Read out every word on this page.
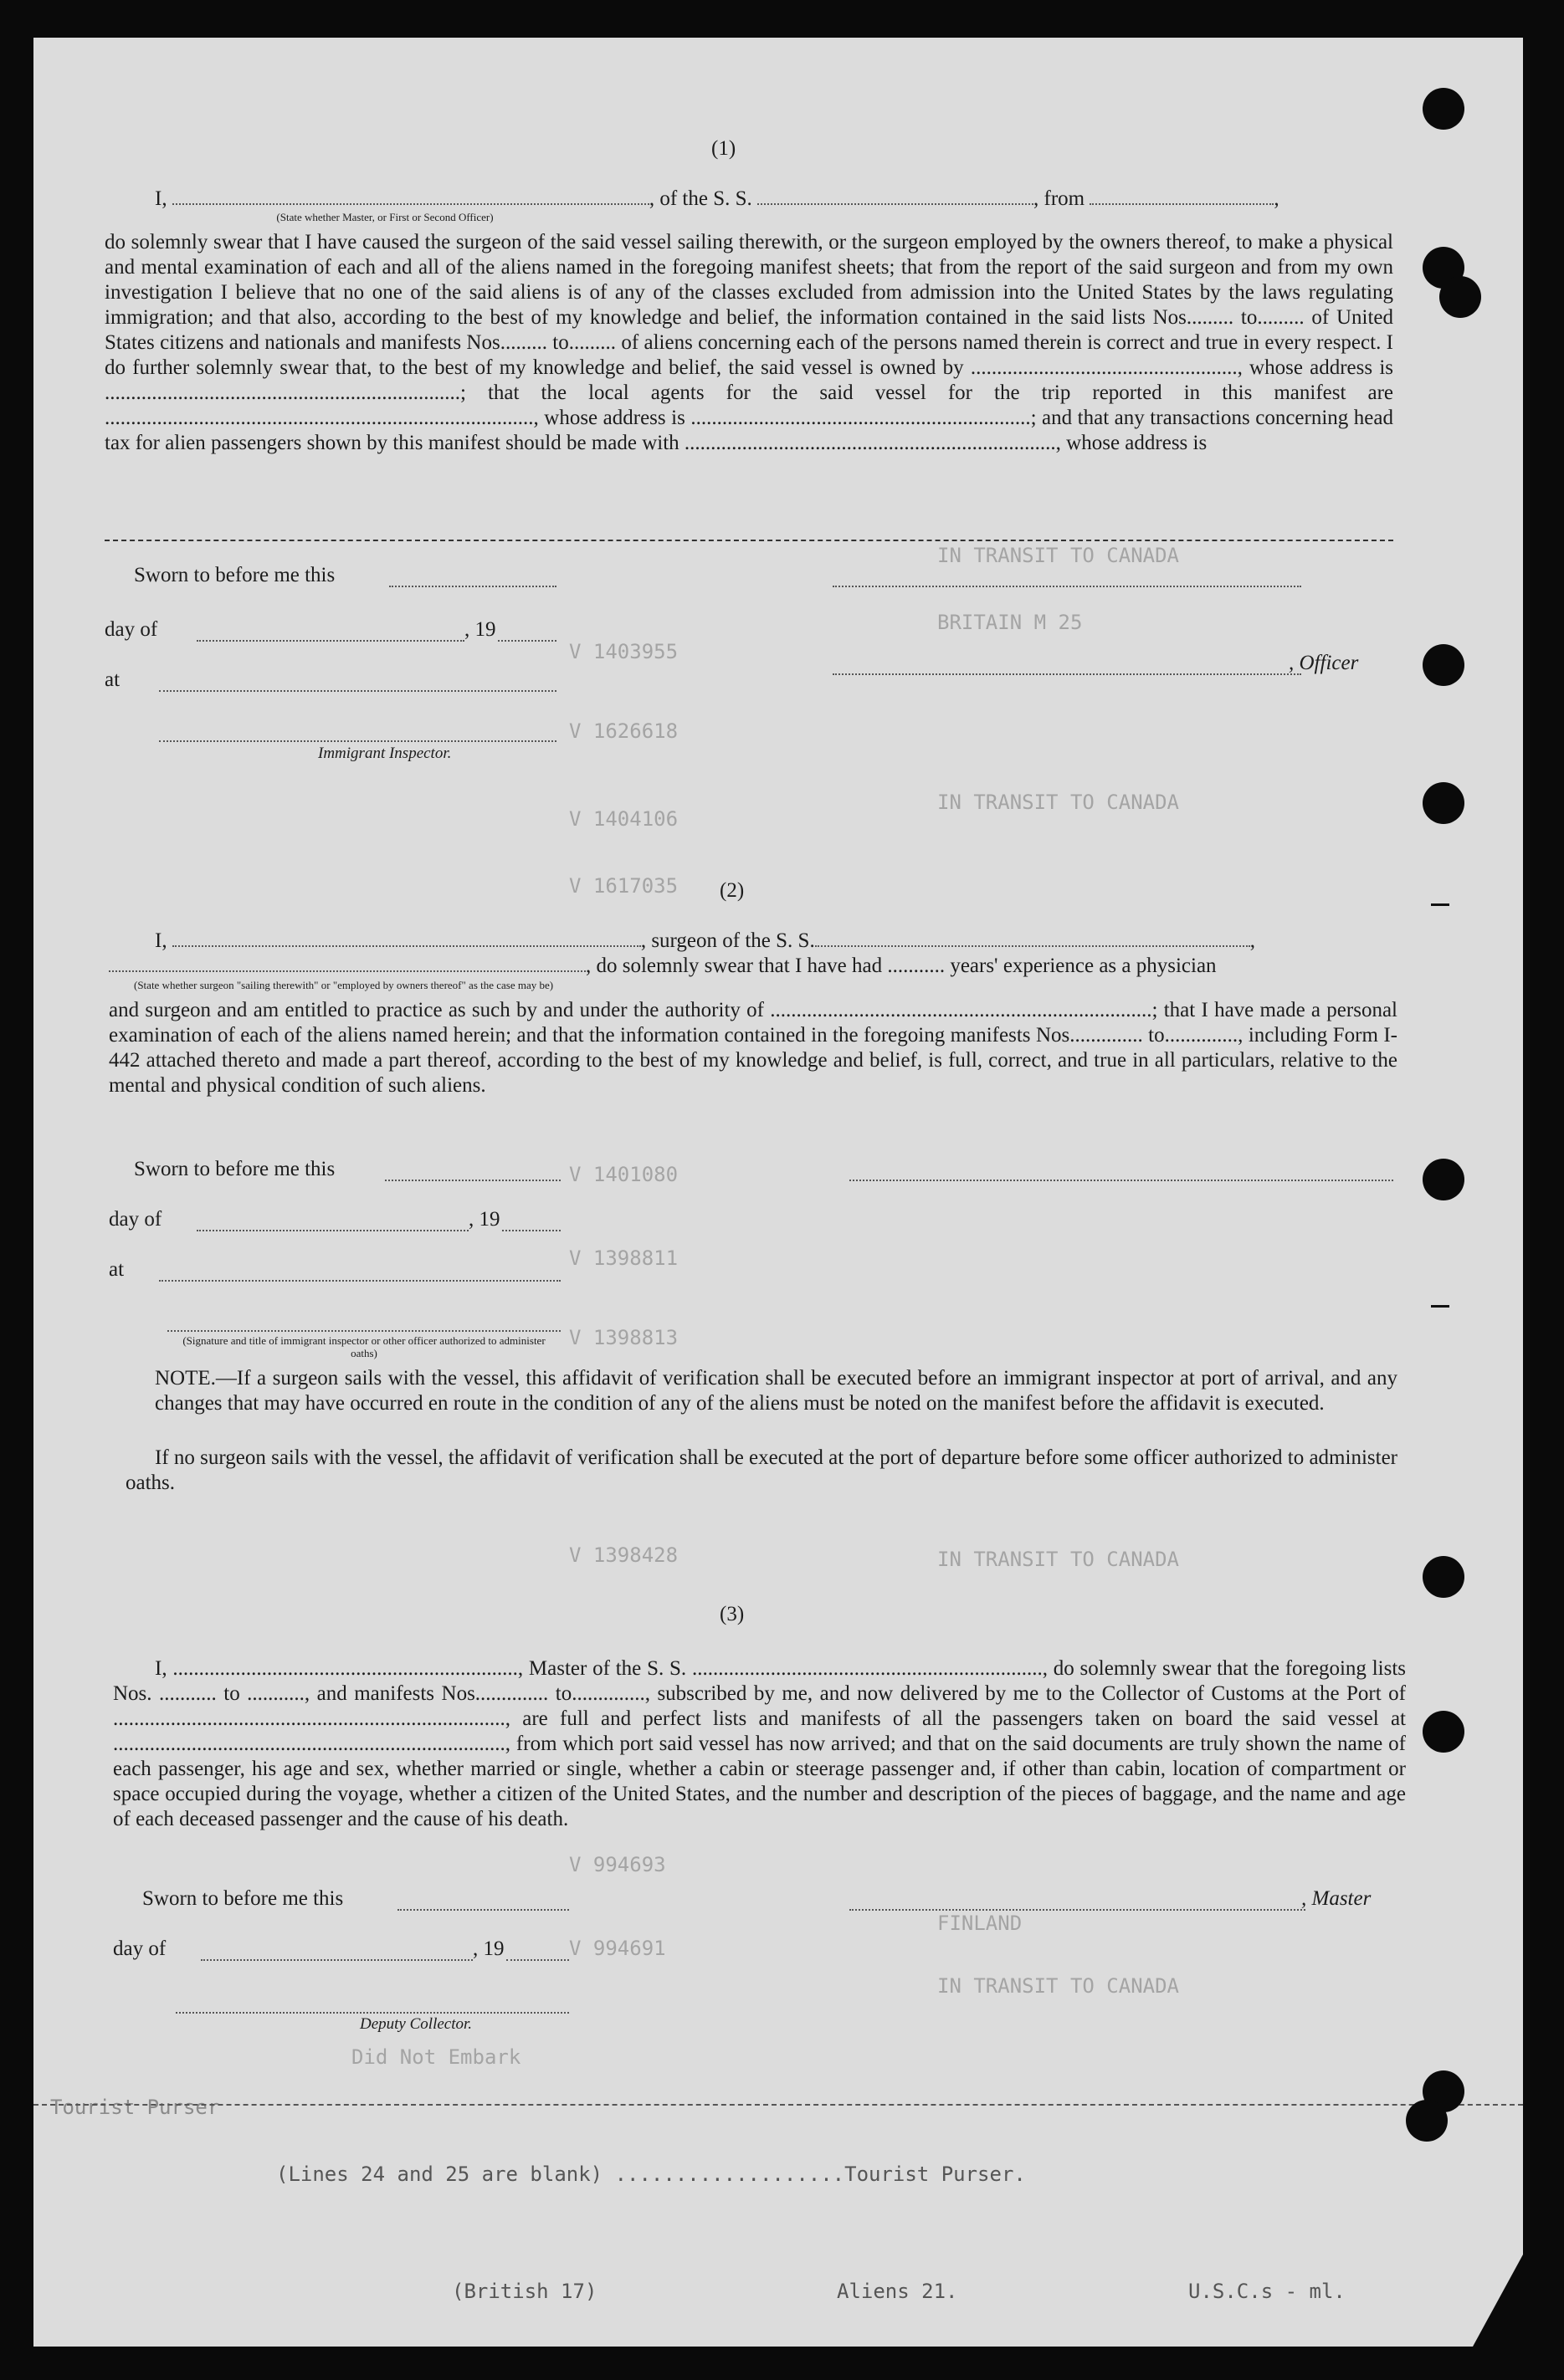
IN TRANSIT TO CANADA
BRITAIN M 25
V 1403955
V 1626618
IN TRANSIT TO CANADA
V 1404106
V 1617035
V 1401080
V 1398811
V 1398813
V 1398428	IN TRANSIT TO CANADA
V 994693
V 994691
FINLAND
IN TRANSIT TO CANADA
Did Not Embark
Tourist Purser
(Lines 24 and 25 are blank) ...................Tourist Purser.
(British 17)	Aliens 21.	U.S.C.s - ml.
(1)
I,	, of the S. S.	, from	,
(State whether Master, or First or Second Officer)
do solemnly swear that I have caused the surgeon of the said vessel sailing therewith, or the surgeon employed by the owners thereof, to make a physical and mental examination of each and all of the aliens named in the foregoing manifest sheets; that from the report of the said surgeon and from my own investigation I believe that no one of the said aliens is of any of the classes excluded from admission into the United States by the laws regulating immigration; and that also, according to the best of my knowledge and belief, the information contained in the said lists Nos......... to......... of United States citizens and nationals and manifests Nos......... to......... of aliens concerning each of the persons named therein is correct and true in every respect. I do further solemnly swear that, to the best of my knowledge and belief, the said vessel is owned by ..................................................., whose address is ....................................................................; that the local agents for the said vessel for the trip reported in this manifest are .................................................................................., whose address is .................................................................; and that any transactions concerning head tax for alien passengers shown by this manifest should be made with ......................................................................., whose address is
Sworn to before me this
day of	, 19
, Officer
at
Immigrant Inspector.
(2)
I,	, surgeon of the S. S.	,
, do solemnly swear that I have had ........... years' experience as a physician
(State whether surgeon "sailing therewith" or "employed by owners thereof" as the case may be)
and surgeon and am entitled to practice as such by and under the authority of .........................................................................; that I have made a personal examination of each of the aliens named herein; and that the information contained in the foregoing manifests Nos.............. to.............., including Form I-442 attached thereto and made a part thereof, according to the best of my knowledge and belief, is full, correct, and true in all particulars, relative to the mental and physical condition of such aliens.
Sworn to before me this
day of	, 19
at
(Signature and title of immigrant inspector or other officer authorized to administer oaths)
NOTE.—If a surgeon sails with the vessel, this affidavit of verification shall be executed before an immigrant inspector at port of arrival, and any changes that may have occurred en route in the condition of any of the aliens must be noted on the manifest before the affidavit is executed.
If no surgeon sails with the vessel, the affidavit of verification shall be executed at the port of departure before some officer authorized to administer oaths.
(3)
I, .................................................................., Master of the S. S. ..................................................................., do solemnly swear that the foregoing lists Nos. ........... to ..........., and manifests Nos.............. to.............., subscribed by me, and now delivered by me to the Collector of Customs at the Port of ..........................................................................., are full and perfect lists and manifests of all the passengers taken on board the said vessel at ..........................................................................., from which port said vessel has now arrived; and that on the said documents are truly shown the name of each passenger, his age and sex, whether married or single, whether a cabin or steerage passenger and, if other than cabin, location of compartment or space occupied during the voyage, whether a citizen of the United States, and the number and description of the pieces of baggage, and the name and age of each deceased passenger and the cause of his death.
Sworn to before me this	, Master
day of	, 19
Deputy Collector.
